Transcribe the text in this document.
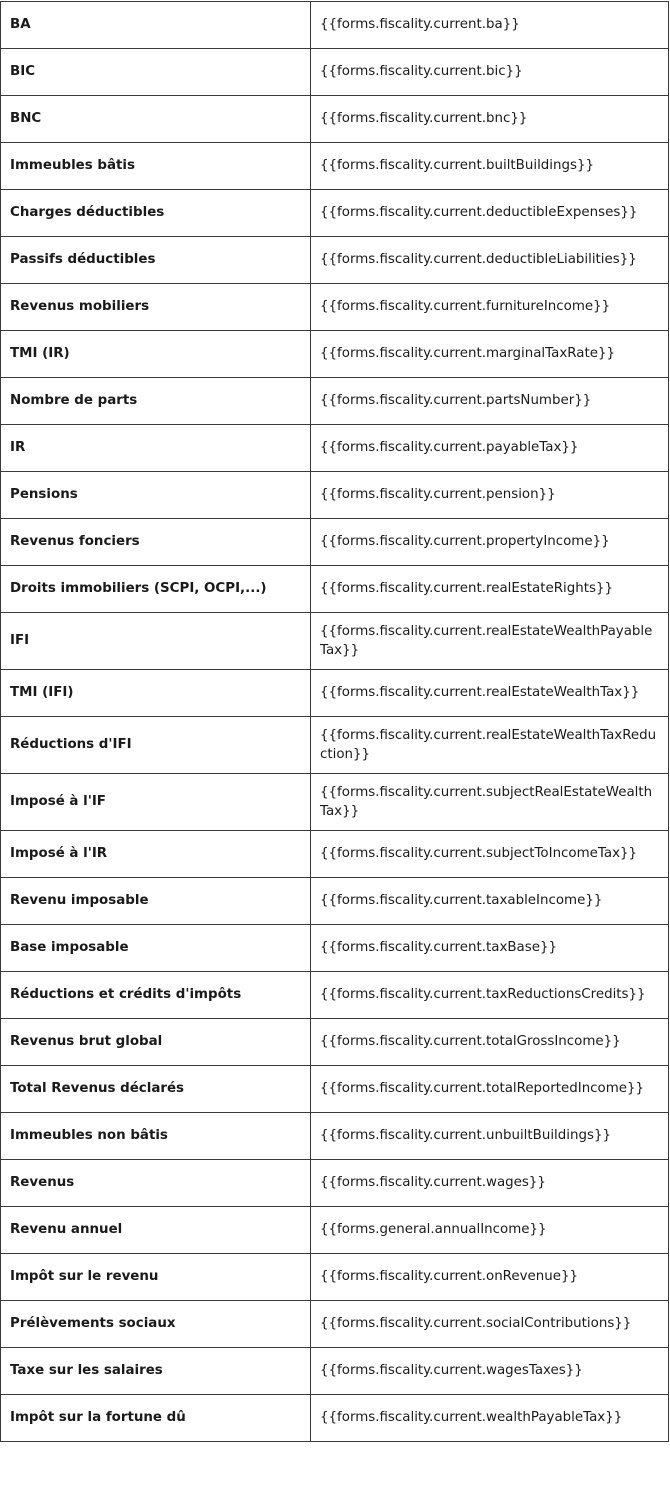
BA	{{forms.fiscality.current.ba}}
BIC	{{forms.fiscality.current.bic}}
BNC	{{forms.fiscality.current.bnc}}
Immeubles bâtis	{{forms.fiscality.current.builtBuildings}}
Charges déductibles	{{forms.fiscality.current.deductibleExpenses}}
Passifs déductibles	{{forms.fiscality.current.deductibleLiabilities}}
Revenus mobiliers	{{forms.fiscality.current.furnitureIncome}}
TMI (IR)	{{forms.fiscality.current.marginalTaxRate}}
Nombre de parts	{{forms.fiscality.current.partsNumber}}
IR	{{forms.fiscality.current.payableTax}}
Pensions	{{forms.fiscality.current.pension}}
Revenus fonciers	{{forms.fiscality.current.propertyIncome}}
Droits immobiliers (SCPI, OCPI,...)	{{forms.fiscality.current.realEstateRights}}
IFI	{{forms.fiscality.current.realEstateWealthPayableTax}}
TMI (IFI)	{{forms.fiscality.current.realEstateWealthTax}}
Réductions d'IFI	{{forms.fiscality.current.realEstateWealthTaxReduction}}
Imposé à l'IF	{{forms.fiscality.current.subjectRealEstateWealthTax}}
Imposé à l'IR	{{forms.fiscality.current.subjectToIncomeTax}}
Revenu imposable	{{forms.fiscality.current.taxableIncome}}
Base imposable	{{forms.fiscality.current.taxBase}}
Réductions et crédits d'impôts	{{forms.fiscality.current.taxReductionsCredits}}
Revenus brut global	{{forms.fiscality.current.totalGrossIncome}}
Total Revenus déclarés	{{forms.fiscality.current.totalReportedIncome}}
Immeubles non bâtis	{{forms.fiscality.current.unbuiltBuildings}}
Revenus	{{forms.fiscality.current.wages}}
Revenu annuel	{{forms.general.annualIncome}}
Impôt sur le revenu	{{forms.fiscality.current.onRevenue}}
Prélèvements sociaux	{{forms.fiscality.current.socialContributions}}
Taxe sur les salaires	{{forms.fiscality.current.wagesTaxes}}
Impôt sur la fortune dû	{{forms.fiscality.current.wealthPayableTax}}
